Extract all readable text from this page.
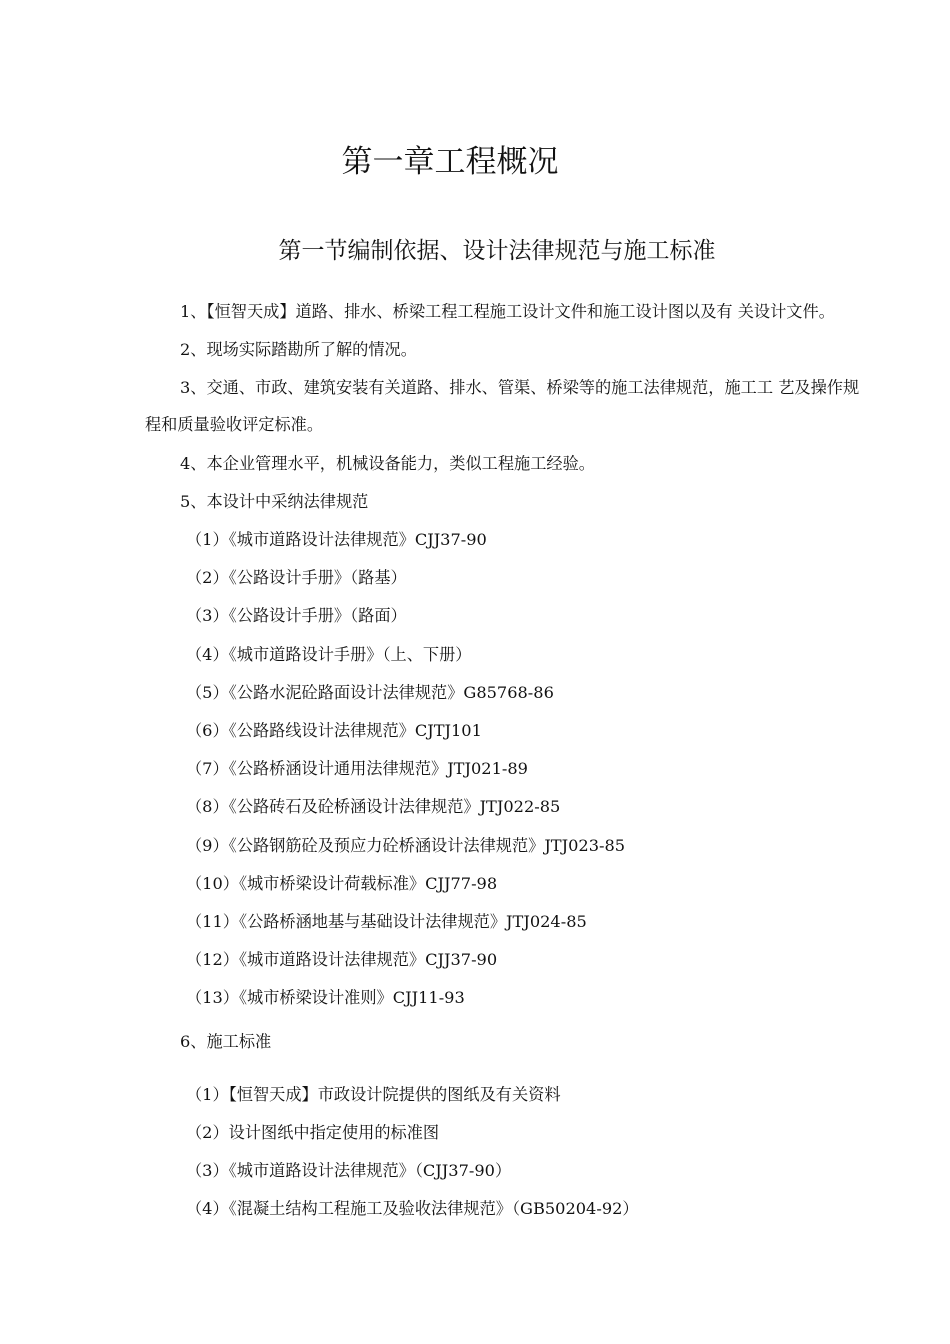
第一章工程概况
第一节编制依据、设计法律规范与施工标准

1、【恒智天成】道路、排水、桥梁工程工程施工设计文件和施工设计图以及有 关设计文件。

2、现场实际踏勘所了解的情况。

3、交通、市政、建筑安装有关道路、排水、管渠、桥梁等的施工法律规范，施工工 艺及操作规

程和质量验收评定标准。

4、本企业管理水平，机械设备能力，类似工程施工经验。

5、本设计中采纳法律规范

（1）《城市道路设计法律规范》CJJ37-90

（2）《公路设计手册》（路基）

（3）《公路设计手册》（路面）

（4）《城市道路设计手册》（上、下册）

（5）《公路水泥砼路面设计法律规范》G85768-86

（6）《公路路线设计法律规范》CJTJ101

（7）《公路桥涵设计通用法律规范》JTJ021-89

（8）《公路砖石及砼桥涵设计法律规范》JTJ022-85

（9）《公路钢筋砼及预应力砼桥涵设计法律规范》JTJ023-85

（10）《城市桥梁设计荷载标准》CJJ77-98

（11）《公路桥涵地基与基础设计法律规范》JTJ024-85

（12）《城市道路设计法律规范》CJJ37-90

（13）《城市桥梁设计准则》CJJ11-93

6、施工标准

（1）【恒智天成】市政设计院提供的图纸及有关资料

（2）设计图纸中指定使用的标准图

（3）《城市道路设计法律规范》（CJJ37-90）

（4）《混凝土结构工程施工及验收法律规范》（GB50204-92）
